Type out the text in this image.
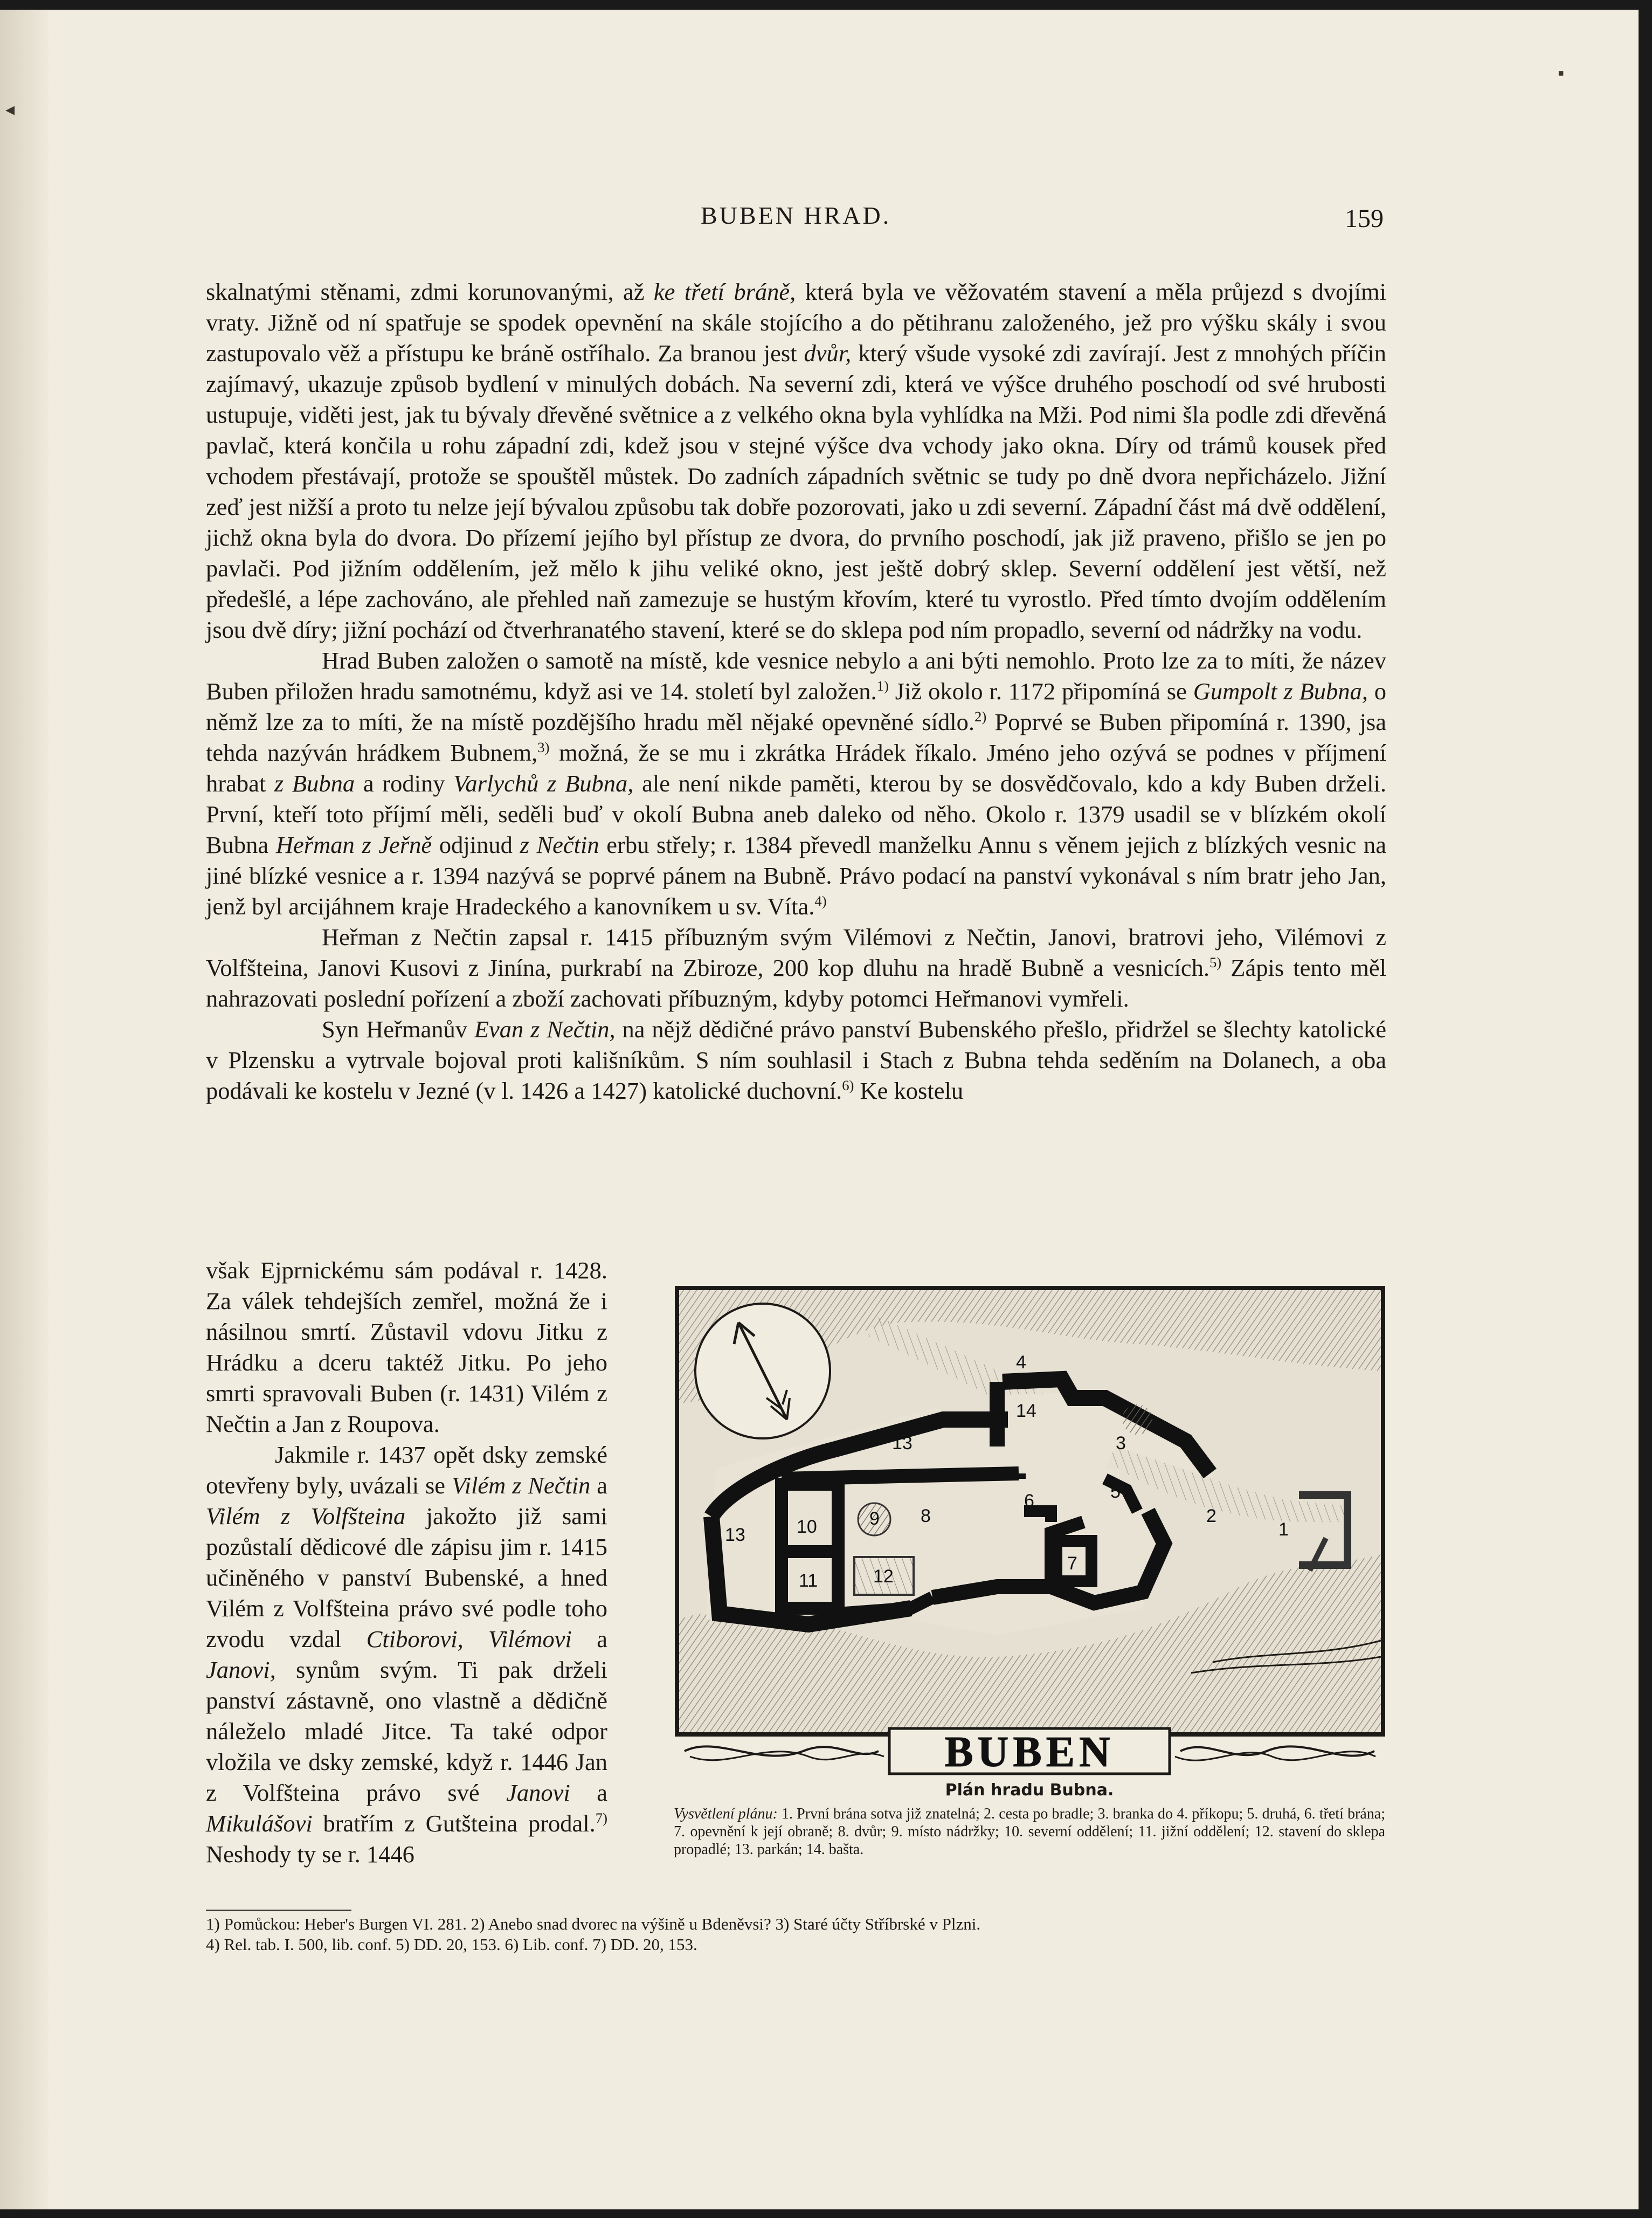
▪
◂
BUBEN HRAD.	159

skalnatými stěnami, zdmi korunovanými, až ke třetí bráně, která byla ve věžovatém stavení a měla průjezd s dvojími vraty. Jižně od ní spatřuje se spodek opevnění na skále stojícího a do pětihranu založeného, jež pro výšku skály i svou zastupovalo věž a přístupu ke bráně ostříhalo. Za branou jest dvůr, který všude vysoké zdi zavírají. Jest z mnohých příčin zajímavý, ukazuje způsob bydlení v minulých dobách. Na severní zdi, která ve výšce druhého poschodí od své hrubosti ustupuje, viděti jest, jak tu bývaly dřevěné světnice a z velkého okna byla vyhlídka na Mži. Pod nimi šla podle zdi dřevěná pavlač, která končila u rohu západní zdi, kdež jsou v stejné výšce dva vchody jako okna. Díry od trámů kousek před vchodem přestávají, protože se spouštěl můstek. Do zadních západních světnic se tudy po dně dvora nepřicházelo. Jižní zeď jest nižší a proto tu nelze její bývalou způsobu tak dobře pozorovati, jako u zdi severní. Západní část má dvě oddělení, jichž okna byla do dvora. Do přízemí jejího byl přístup ze dvora, do prvního poschodí, jak již praveno, přišlo se jen po pavlači. Pod jižním oddělením, jež mělo k jihu veliké okno, jest ještě dobrý sklep. Severní oddělení jest větší, než předešlé, a lépe zachováno, ale přehled naň zamezuje se hustým křovím, které tu vyrostlo. Před tímto dvojím oddělením jsou dvě díry; jižní pochází od čtverhranatého stavení, které se do sklepa pod ním propadlo, severní od nádržky na vodu.

Hrad Buben založen o samotě na místě, kde vesnice nebylo a ani býti nemohlo. Proto lze za to míti, že název Buben přiložen hradu samotnému, když asi ve 14. století byl založen.$^{1)}$ Již okolo r. 1172 připomíná se Gumpolt z Bubna, o němž lze za to míti, že na místě pozdějšího hradu měl nějaké opevněné sídlo.$^{2)}$ Poprvé se Buben připomíná r. 1390, jsa tehda nazýván hrádkem Bubnem,$^{3)}$ možná, že se mu i zkrátka Hrádek říkalo. Jméno jeho ozývá se podnes v příjmení hrabat z Bubna a rodiny Varlychů z Bubna, ale není nikde paměti, kterou by se dosvědčovalo, kdo a kdy Buben drželi. První, kteří toto příjmí měli, seděli buď v okolí Bubna aneb daleko od něho. Okolo r. 1379 usadil se v blízkém okolí Bubna Heřman z Jeřně odjinud z Nečtin erbu střely; r. 1384 převedl manželku Annu s věnem jejich z blízkých vesnic na jiné blízké vesnice a r. 1394 nazývá se poprvé pánem na Bubně. Právo podací na panství vykonával s ním bratr jeho Jan, jenž byl arcijáhnem kraje Hradeckého a kanovníkem u sv. Víta.$^{4)}$

Heřman z Nečtin zapsal r. 1415 příbuzným svým Vilémovi z Nečtin, Janovi, bratrovi jeho, Vilémovi z Volfšteina, Janovi Kusovi z Jinína, purkrabí na Zbiroze, 200 kop dluhu na hradě Bubně a vesnicích.$^{5)}$ Zápis tento měl nahrazovati poslední pořízení a zboží zachovati příbuzným, kdyby potomci Heřmanovi vymřeli.

Syn Heřmanův Evan z Nečtin, na nějž dědičné právo panství Bubenského přešlo, přidržel se šlechty katolické v Plzensku a vytrvale bojoval proti kališníkům. S ním souhlasil i Stach z Bubna tehda seděním na Dolanech, a oba podávali ke kostelu v Jezné (v l. 1426 a 1427) katolické duchovní.$^{6)}$ Ke kostelu

však Ejprnickému sám podával r. 1428. Za válek tehdejších zemřel, možná že i násilnou smrtí. Zůstavil vdovu Jitku z Hrádku a dceru taktéž Jitku. Po jeho smrti spravovali Buben (r. 1431) Vilém z Nečtin a Jan z Roupova.

Jakmile r. 1437 opět dsky zemské otevřeny byly, uvázali se Vilém z Nečtin a Vilém z Volfšteina jakožto již sami pozůstalí dědicové dle zápisu jim r. 1415 učiněného v panství Bubenské, a hned Vilém z Volfšteina právo své podle toho zvodu vzdal Ctiborovi, Vilémovi a Janovi, synům svým. Ti pak drželi panství zástavně, ono vlastně a dědičně náleželo mladé Jitce. Ta také odpor vložila ve dsky zemské, když r. 1446 Jan z Volfšteina právo své Janovi a Mikulášovi bratřím z Gutšteina prodal.$^{7)}$ Neshody ty se r. 1446

1
2
3
4
5
6
7
8
9
10
11	12
13
13
14
BUBEN
Plán hradu Bubna.
Vysvětlení plánu: 1. První brána sotva již znatelná; 2. cesta po bradle; 3. branka do 4. příkopu; 5. druhá, 6. třetí brána; 7. opevnění k její obraně; 8. dvůr; 9. místo nádržky; 10. severní oddělení; 11. jižní oddělení; 12. stavení do sklepa propadlé; 13. parkán; 14. bašta.

1) Pomůckou: Heber's Burgen VI. 281. 2) Anebo snad dvorec na výšině u Bdeněvsi? 3) Staré účty Stříbrské v Plzni.

4) Rel. tab. I. 500, lib. conf. 5) DD. 20, 153. 6) Lib. conf. 7) DD. 20, 153.
